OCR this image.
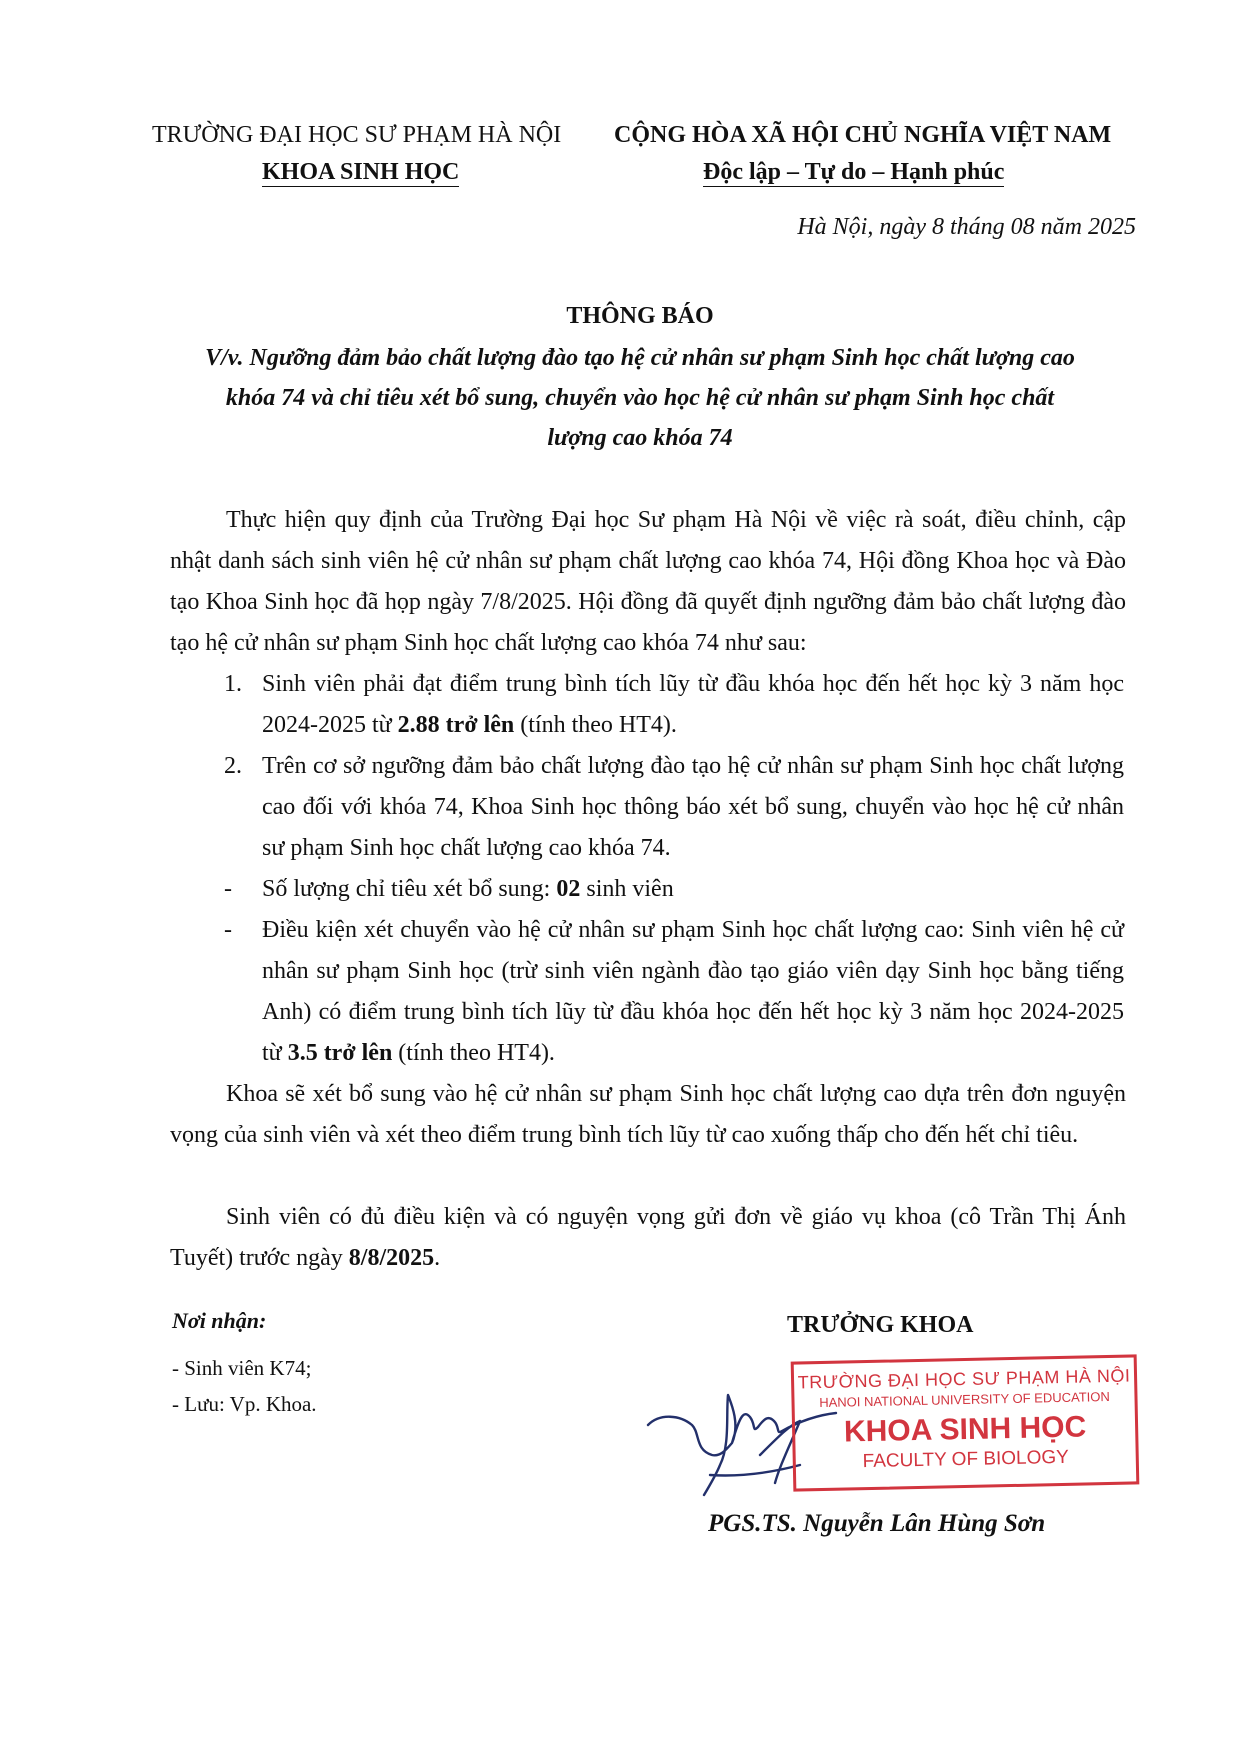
TRƯỜNG ĐẠI HỌC SƯ PHẠM HÀ NỘI
KHOA SINH HỌC
CỘNG HÒA XÃ HỘI CHỦ NGHĨA VIỆT NAM
Độc lập – Tự do – Hạnh phúc
Hà Nội, ngày 8 tháng 08 năm 2025
THÔNG BÁO
V/v. Ngưỡng đảm bảo chất lượng đào tạo hệ cử nhân sư phạm Sinh học chất lượng cao
khóa 74 và chỉ tiêu xét bổ sung, chuyển vào học hệ cử nhân sư phạm Sinh học chất
lượng cao khóa 74
Thực hiện quy định của Trường Đại học Sư phạm Hà Nội về việc rà soát, điều chỉnh, cập nhật danh sách sinh viên hệ cử nhân sư phạm chất lượng cao khóa 74, Hội đồng Khoa học và Đào tạo Khoa Sinh học đã họp ngày 7/8/2025. Hội đồng đã quyết định ngưỡng đảm bảo chất lượng đào tạo hệ cử nhân sư phạm Sinh học chất lượng cao khóa 74 như sau:
1. Sinh viên phải đạt điểm trung bình tích lũy từ đầu khóa học đến hết học kỳ 3 năm học 2024-2025 từ 2.88 trở lên (tính theo HT4).
2. Trên cơ sở ngưỡng đảm bảo chất lượng đào tạo hệ cử nhân sư phạm Sinh học chất lượng cao đối với khóa 74, Khoa Sinh học thông báo xét bổ sung, chuyển vào học hệ cử nhân sư phạm Sinh học chất lượng cao khóa 74.
- Số lượng chỉ tiêu xét bổ sung: 02 sinh viên
- Điều kiện xét chuyển vào hệ cử nhân sư phạm Sinh học chất lượng cao: Sinh viên hệ cử nhân sư phạm Sinh học (trừ sinh viên ngành đào tạo giáo viên dạy Sinh học bằng tiếng Anh) có điểm trung bình tích lũy từ đầu khóa học đến hết học kỳ 3 năm học 2024-2025 từ 3.5 trở lên (tính theo HT4).
Khoa sẽ xét bổ sung vào hệ cử nhân sư phạm Sinh học chất lượng cao dựa trên đơn nguyện vọng của sinh viên và xét theo điểm trung bình tích lũy từ cao xuống thấp cho đến hết chỉ tiêu.
Sinh viên có đủ điều kiện và có nguyện vọng gửi đơn về giáo vụ khoa (cô Trần Thị Ánh Tuyết) trước ngày 8/8/2025.
Nơi nhận:
- Sinh viên K74;
- Lưu: Vp. Khoa.
TRƯỞNG KHOA
TRƯỜNG ĐẠI HỌC SƯ PHẠM HÀ NỘI
HANOI NATIONAL UNIVERSITY OF EDUCATION
KHOA SINH HỌC
FACULTY OF BIOLOGY
PGS.TS. Nguyễn Lân Hùng Sơn
